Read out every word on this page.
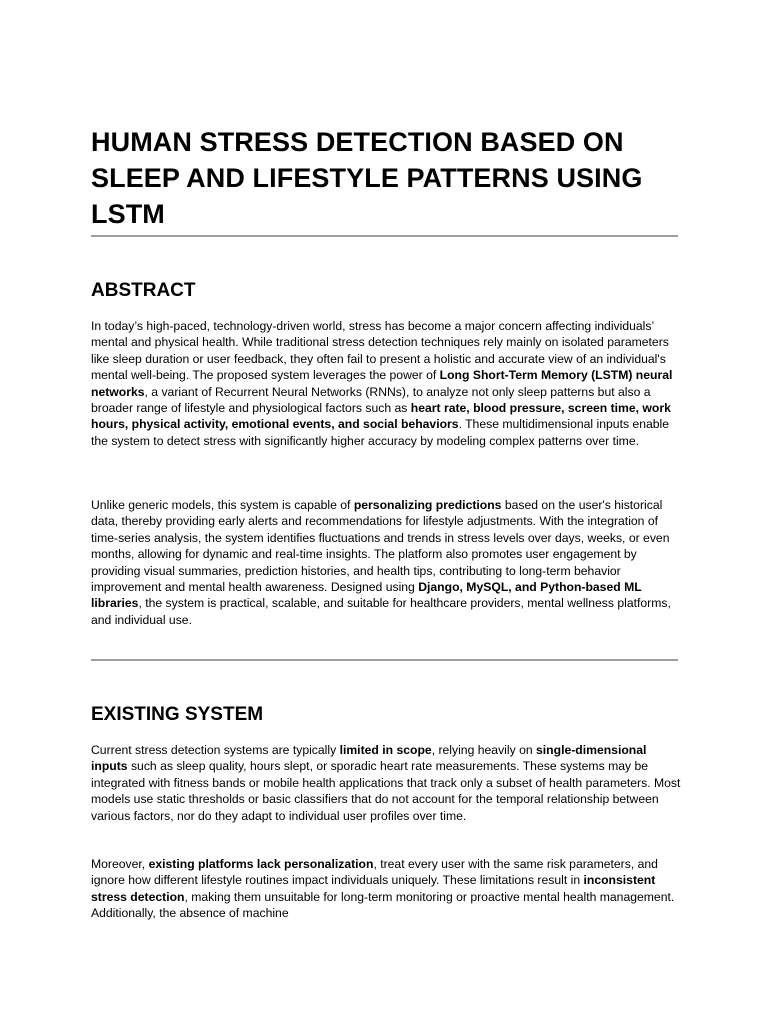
HUMAN STRESS DETECTION BASED ON SLEEP AND LIFESTYLE PATTERNS USING LSTM
ABSTRACT

In today’s high-paced, technology-driven world, stress has become a major concern affecting individuals’ mental and physical health. While traditional stress detection techniques rely mainly on isolated parameters like sleep duration or user feedback, they often fail to present a holistic and accurate view of an individual's mental well-being. The proposed system leverages the power of Long Short-Term Memory (LSTM) neural networks, a variant of Recurrent Neural Networks (RNNs), to analyze not only sleep patterns but also a broader range of lifestyle and physiological factors such as heart rate, blood pressure, screen time, work hours, physical activity, emotional events, and social behaviors. These multidimensional inputs enable the system to detect stress with significantly higher accuracy by modeling complex patterns over time.

Unlike generic models, this system is capable of personalizing predictions based on the user's historical data, thereby providing early alerts and recommendations for lifestyle adjustments. With the integration of time-series analysis, the system identifies fluctuations and trends in stress levels over days, weeks, or even months, allowing for dynamic and real-time insights. The platform also promotes user engagement by providing visual summaries, prediction histories, and health tips, contributing to long-term behavior improvement and mental health awareness. Designed using Django, MySQL, and Python-based ML libraries, the system is practical, scalable, and suitable for healthcare providers, mental wellness platforms, and individual use.

EXISTING SYSTEM

Current stress detection systems are typically limited in scope, relying heavily on single-dimensional inputs such as sleep quality, hours slept, or sporadic heart rate measurements. These systems may be integrated with fitness bands or mobile health applications that track only a subset of health parameters. Most models use static thresholds or basic classifiers that do not account for the temporal relationship between various factors, nor do they adapt to individual user profiles over time.

Moreover, existing platforms lack personalization, treat every user with the same risk parameters, and ignore how different lifestyle routines impact individuals uniquely. These limitations result in inconsistent stress detection, making them unsuitable for long-term monitoring or proactive mental health management. Additionally, the absence of machine
